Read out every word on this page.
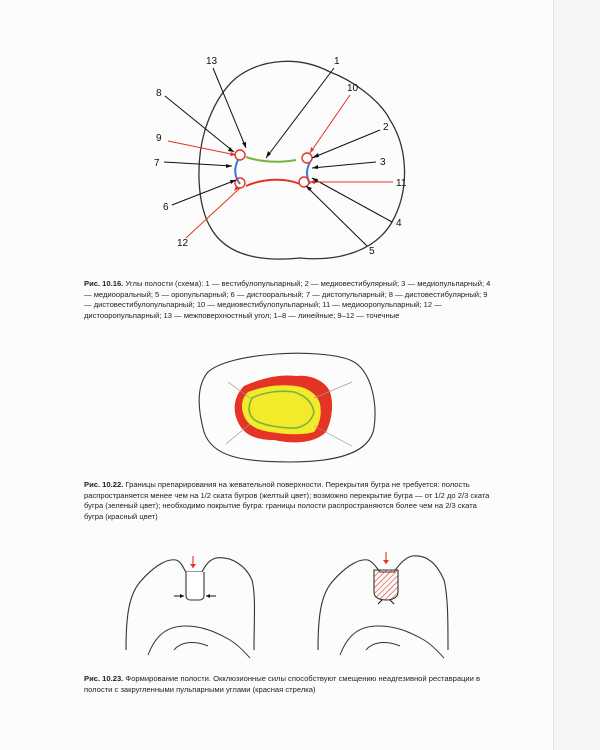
13	1
8	10
9
2
7	3
11
6
4
12
5
Рис. 10.16. Углы полости (схема): 1 — вестибулопульпарный; 2 — медиовестибулярный; 3 — медиопульпарный; 4 — медиооральный; 5 — оропульпарный; 6 — дистооральный; 7 — дистопульпарный; 8 — дистовестибулярный; 9 — дистовестибулопульпарный; 10 — медиовестибулопульпарный; 11 — медиооропульпарный; 12 — дистооропульпарный; 13 — межповерхностный угол; 1–8 — линейные; 9–12 — точечные
Рис. 10.22. Границы препарирования на жевательной поверхности. Перекрытия бугра не требуется: полость распространяется менее чем на 1/2 ската бугров (желтый цвет); возможно перекрытие бугра — от 1/2 до 2/3 ската бугра (зеленый цвет); необходимо покрытие бугра: границы полости распространяются более чем на 2/3 ската бугра (красный цвет)
Рис. 10.23. Формирование полости. Окклюзионные силы способствуют смещению неадгезивной реставрации в полости с закругленными пульпарными углами (красная стрелка)
